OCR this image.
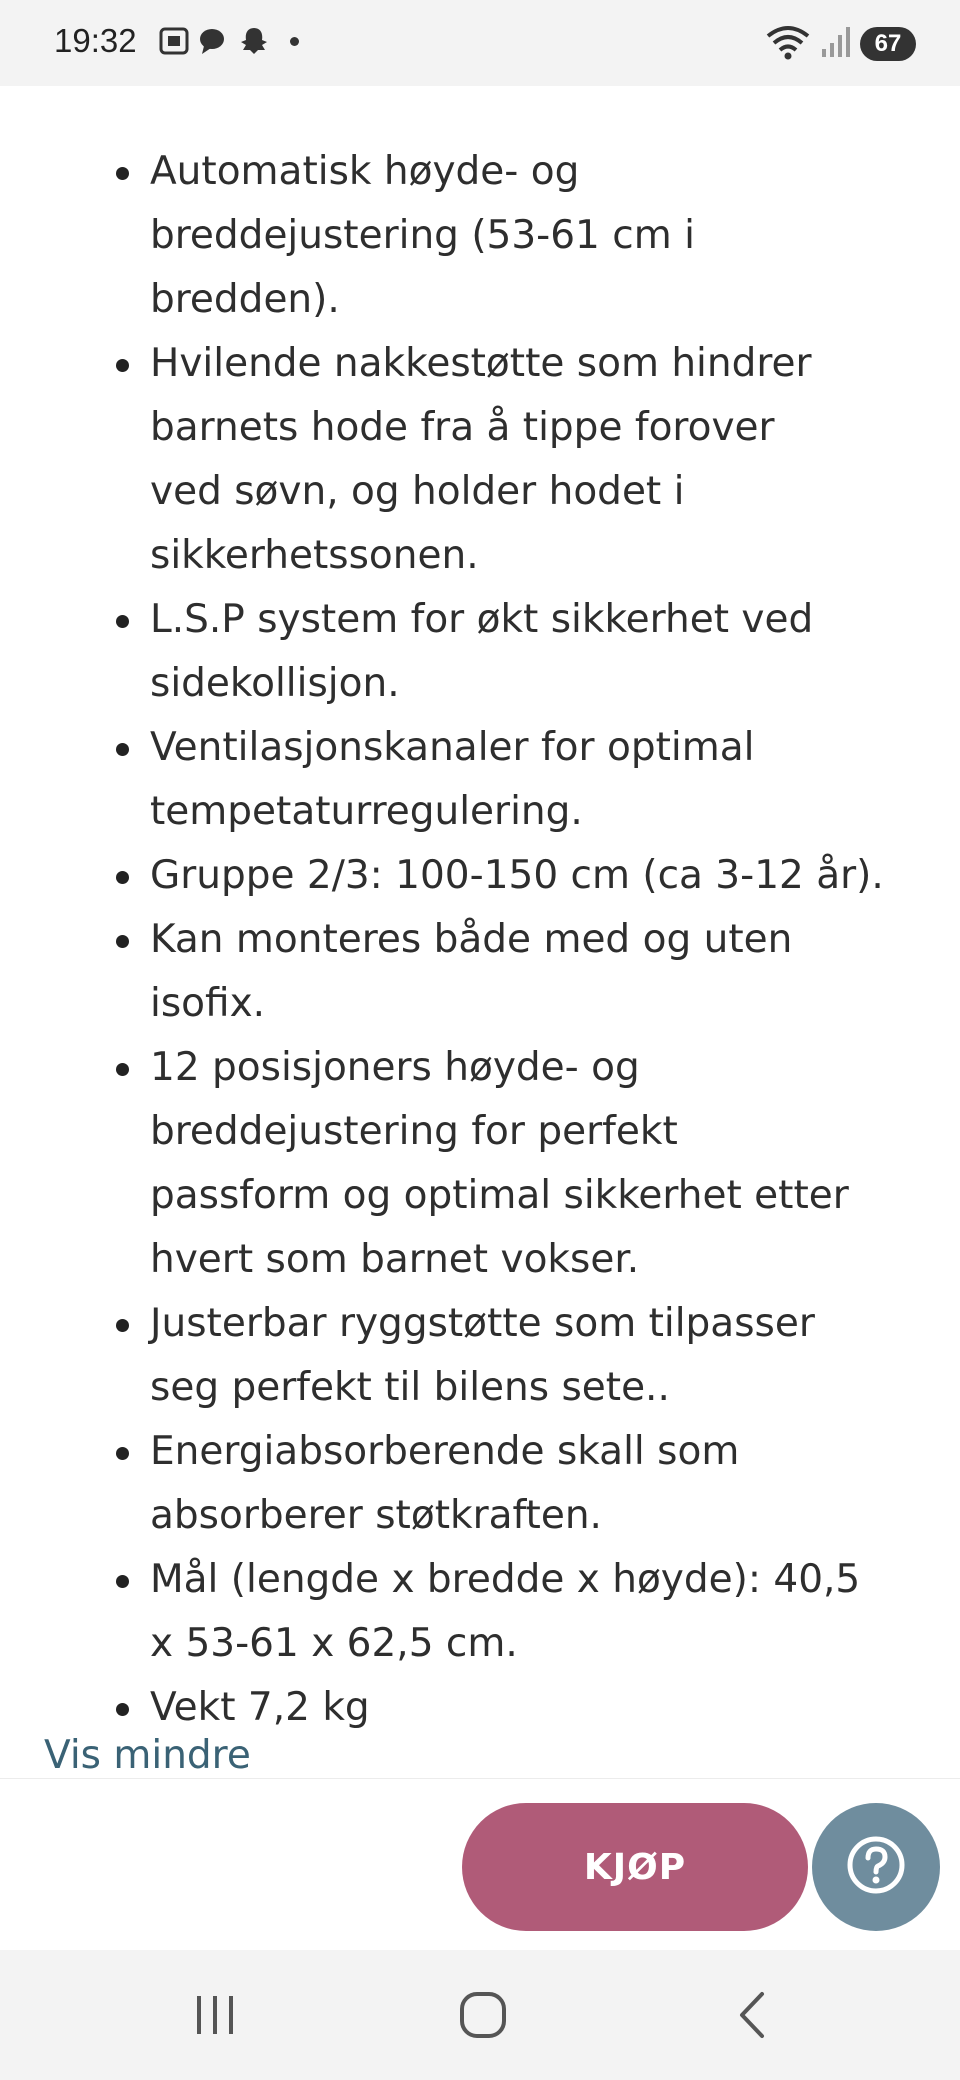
19:32	67
Automatisk høyde- og
breddejustering (53-61 cm i
bredden).
Hvilende nakkestøtte som hindrer
barnets hode fra å tippe forover
ved søvn, og holder hodet i
sikkerhetssonen.
L.S.P system for økt sikkerhet ved
sidekollisjon.
Ventilasjonskanaler for optimal
tempetaturregulering.
Gruppe 2/3: 100-150 cm (ca 3-12 år).
Kan monteres både med og uten
isofix.
12 posisjoners høyde- og
breddejustering for perfekt
passform og optimal sikkerhet etter
hvert som barnet vokser.
Justerbar ryggstøtte som tilpasser
seg perfekt til bilens sete..
Energiabsorberende skall som
absorberer støtkraften.
Mål (lengde x bredde x høyde): 40,5
x 53-61 x 62,5 cm.
Vekt 7,2 kg
Vis mindre
KJØP
